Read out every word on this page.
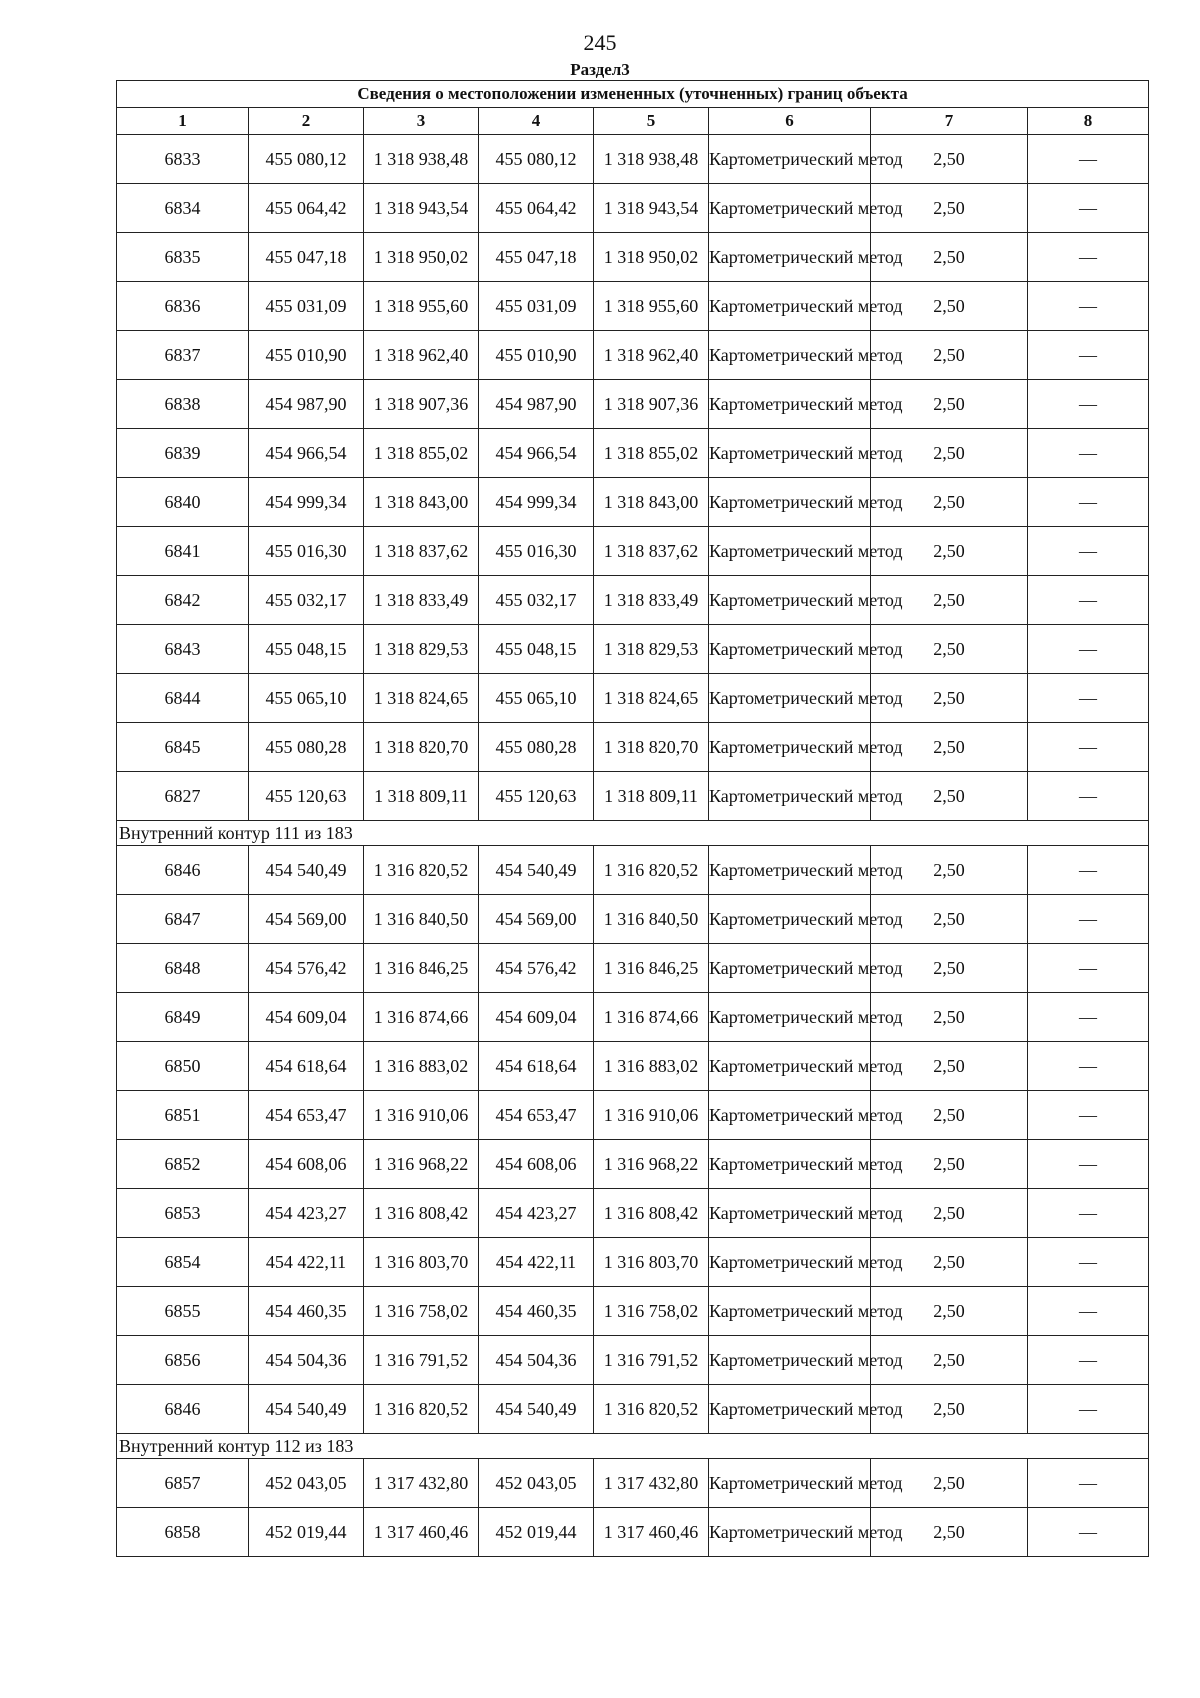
245
Раздел3
Сведения о местоположении измененных (уточненных) границ объекта							
1	2	3	4	5	6	7	8
6833	455 080,12	1 318 938,48	455 080,12	1 318 938,48	Картометрический метод	2,50	—
6834	455 064,42	1 318 943,54	455 064,42	1 318 943,54	Картометрический метод	2,50	—
6835	455 047,18	1 318 950,02	455 047,18	1 318 950,02	Картометрический метод	2,50	—
6836	455 031,09	1 318 955,60	455 031,09	1 318 955,60	Картометрический метод	2,50	—
6837	455 010,90	1 318 962,40	455 010,90	1 318 962,40	Картометрический метод	2,50	—
6838	454 987,90	1 318 907,36	454 987,90	1 318 907,36	Картометрический метод	2,50	—
6839	454 966,54	1 318 855,02	454 966,54	1 318 855,02	Картометрический метод	2,50	—
6840	454 999,34	1 318 843,00	454 999,34	1 318 843,00	Картометрический метод	2,50	—
6841	455 016,30	1 318 837,62	455 016,30	1 318 837,62	Картометрический метод	2,50	—
6842	455 032,17	1 318 833,49	455 032,17	1 318 833,49	Картометрический метод	2,50	—
6843	455 048,15	1 318 829,53	455 048,15	1 318 829,53	Картометрический метод	2,50	—
6844	455 065,10	1 318 824,65	455 065,10	1 318 824,65	Картометрический метод	2,50	—
6845	455 080,28	1 318 820,70	455 080,28	1 318 820,70	Картометрический метод	2,50	—
6827	455 120,63	1 318 809,11	455 120,63	1 318 809,11	Картометрический метод	2,50	—
Внутренний контур 111 из 183							
6846	454 540,49	1 316 820,52	454 540,49	1 316 820,52	Картометрический метод	2,50	—
6847	454 569,00	1 316 840,50	454 569,00	1 316 840,50	Картометрический метод	2,50	—
6848	454 576,42	1 316 846,25	454 576,42	1 316 846,25	Картометрический метод	2,50	—
6849	454 609,04	1 316 874,66	454 609,04	1 316 874,66	Картометрический метод	2,50	—
6850	454 618,64	1 316 883,02	454 618,64	1 316 883,02	Картометрический метод	2,50	—
6851	454 653,47	1 316 910,06	454 653,47	1 316 910,06	Картометрический метод	2,50	—
6852	454 608,06	1 316 968,22	454 608,06	1 316 968,22	Картометрический метод	2,50	—
6853	454 423,27	1 316 808,42	454 423,27	1 316 808,42	Картометрический метод	2,50	—
6854	454 422,11	1 316 803,70	454 422,11	1 316 803,70	Картометрический метод	2,50	—
6855	454 460,35	1 316 758,02	454 460,35	1 316 758,02	Картометрический метод	2,50	—
6856	454 504,36	1 316 791,52	454 504,36	1 316 791,52	Картометрический метод	2,50	—
6846	454 540,49	1 316 820,52	454 540,49	1 316 820,52	Картометрический метод	2,50	—
Внутренний контур 112 из 183							
6857	452 043,05	1 317 432,80	452 043,05	1 317 432,80	Картометрический метод	2,50	—
6858	452 019,44	1 317 460,46	452 019,44	1 317 460,46	Картометрический метод	2,50	—
